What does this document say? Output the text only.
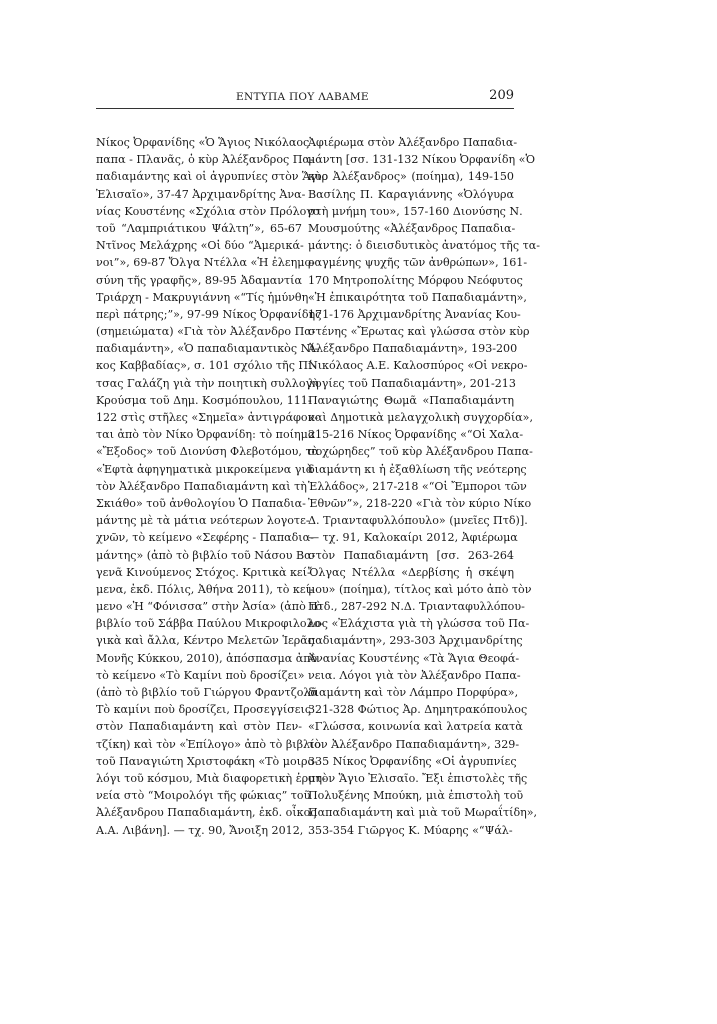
ΕΝΤΥΠΑ ΠΟΥ ΛΑΒΑΜΕ	209
Νίκος Ὀρφανίδης «Ὁ Ἅγιος Νικόλαος
παπα - Πλανᾶς, ὁ κὺρ Ἀλέξανδρος Πα-
παδιαμάντης καὶ οἱ ἀγρυπνίες στὸν Ἅγιο
Ἐλισαῖο», 37-47 Ἀρχιμανδρίτης Ἀνα-
νίας Κουστένης «Σχόλια στὸν Πρόλογο
τοῦ “Λαμπριάτικου Ψάλτη”», 65-67
Ντῖνος Μελάχρης «Οἱ δύο “Ἀμερικά-
νοι”», 69-87 Ὄλγα Ντέλλα «Ἡ ἐλεημο-
σύνη τῆς γραφῆς», 89-95 Ἀδαμαντία
Τριάρχη - Μακρυγιάννη «“Τίς ἡμύνθη
περὶ πάτρης;”», 97-99 Νίκος Ὀρφανίδης
(σημειώματα) «Γιὰ τὸν Ἀλέξανδρο Πα-
παδιαμάντη», «Ὁ παπαδιαμαντικὸς Νί-
κος Καββαδίας», σ. 101 σχόλιο τῆς Πί-
τσας Γαλάζη γιὰ τὴν ποιητικὴ συλλογὴ
Κρούσμα τοῦ Δημ. Κοσμόπουλου, 111-
122 στὶς στῆλες «Σημεῖα» ἀντιγράφον-
ται ἀπὸ τὸν Νίκο Ὀρφανίδη: τὸ ποίημα
«Ἔξοδος» τοῦ Διονύση Φλεβοτόμου, τὰ
«Ἑφτὰ ἀφηγηματικὰ μικροκείμενα γιὰ
τὸν Ἀλέξανδρο Παπαδιαμάντη καὶ τὴ
Σκιάθο» τοῦ ἀνθολογίου Ὁ Παπαδια-
μάντης μὲ τὰ μάτια νεότερων λογοτε-
χνῶν, τὸ κείμενο «Σεφέρης - Παπαδια-
μάντης» (ἀπὸ τὸ βιβλίο τοῦ Νάσου Βα-
γενᾶ Κινούμενος Στόχος. Κριτικὰ κεί-
μενα, ἐκδ. Πόλις, Ἀθήνα 2011), τὸ κεί-
μενο «Ἡ “Φόνισσα” στὴν Ἀσία» (ἀπὸ τὸ
βιβλίο τοῦ Σάββα Παύλου Μικροφιλολο-
γικὰ καὶ ἄλλα, Κέντρο Μελετῶν Ἱερᾶς
Μονῆς Κύκκου, 2010), ἀπόσπασμα ἀπὸ
τὸ κείμενο «Τὸ Καμίνι ποὺ δροσίζει»
(ἀπὸ τὸ βιβλίο τοῦ Γιώργου Φραντζολᾶ
Τὸ καμίνι ποὺ δροσίζει, Προσεγγίσεις
στὸν Παπαδιαμάντη καὶ στὸν Πεν-
τζίκη) καὶ τὸν «Ἐπίλογο» ἀπὸ τὸ βιβλίο
τοῦ Παναγιώτη Χριστοφάκη «Τὸ μοιρο-
λόγι τοῦ κόσμου, Μιὰ διαφορετικὴ ἑρμη-
νεία στὸ “Μοιρολόγι τῆς φώκιας” τοῦ
Ἀλέξανδρου Παπαδιαμάντη, ἐκδ. οἶκος
Α.Α. Λιβάνη]. — τχ. 90, Ἄνοιξη 2012,
Ἀφιέρωμα στὸν Ἀλέξανδρο Παπαδια-
μάντη [σσ. 131-132 Νίκου Ὀρφανίδη «Ὁ
κὺρ Ἀλέξανδρος» (ποίημα), 149-150
Βασίλης Π. Καραγιάννης «Ὀλόγυρα
στὴ μνήμη του», 157-160 Διονύσης Ν.
Μουσμούτης «Ἀλέξανδρος Παπαδια-
μάντης: ὁ διεισδυτικὸς ἀνατόμος τῆς τα-
ραγμένης ψυχῆς τῶν ἀνθρώπων», 161-
170 Μητροπολίτης Μόρφου Νεόφυτος
«Ἡ ἐπικαιρότητα τοῦ Παπαδιαμάντη»,
171-176 Ἀρχιμανδρίτης Ἀνανίας Κου-
στένης «Ἔρωτας καὶ γλώσσα στὸν κὺρ
Ἀλέξανδρο Παπαδιαμάντη», 193-200
Νικόλαος Α.Ε. Καλοσπύρος «Οἱ νεκρο-
λογίες τοῦ Παπαδιαμάντη», 201-213
Παναγιώτης Θωμᾶ «Παπαδιαμάντη
καὶ Δημοτικὰ μελαγχολικὴ συγχορδία»,
215-216 Νίκος Ὀρφανίδης «“Οἱ Χαλα-
σοχώρηδες” τοῦ κὺρ Ἀλέξανδρου Παπα-
διαμάντη κι ἡ ἐξαθλίωση τῆς νεότερης
Ἑλλάδος», 217-218 «“Οἱ Ἔμποροι τῶν
Ἐθνῶν”», 218-220 «Γιὰ τὸν κύριο Νίκο
Δ. Τριανταφυλλόπουλο» (μνεῖες Πτδ)].
— τχ. 91, Καλοκαίρι 2012, Ἀφιέρωμα
στὸν Παπαδιαμάντη [σσ. 263-264
Ὄλγας Ντέλλα «Δερβίσης ἡ σκέψη
μου» (ποίημα), τίτλος καὶ μότο ἀπὸ τὸν
Πτδ., 287-292 Ν.Δ. Τριανταφυλλόπου-
λος «Ἐλάχιστα γιὰ τὴ γλώσσα τοῦ Πα-
παδιαμάντη», 293-303 Ἀρχιμανδρίτης
Ἀνανίας Κουστένης «Τὰ Ἅγια Θεοφά-
νεια. Λόγοι γιὰ τὸν Ἀλέξανδρο Παπα-
διαμάντη καὶ τὸν Λάμπρο Πορφύρα»,
321-328 Φώτιος Ἀρ. Δημητρακόπουλος
«Γλώσσα, κοινωνία καὶ λατρεία κατὰ
τὸν Ἀλέξανδρο Παπαδιαμάντη», 329-
335 Νίκος Ὀρφανίδης «Οἱ ἀγρυπνίες
στὸν Ἅγιο Ἐλισαῖο. Ἔξι ἐπιστολὲς τῆς
Πολυξένης Μπούκη, μιὰ ἐπιστολὴ τοῦ
Παπαδιαμάντη καὶ μιὰ τοῦ Μωραΐτίδη»,
353-354 Γιῶργος Κ. Μύαρης «“Ψάλ-
